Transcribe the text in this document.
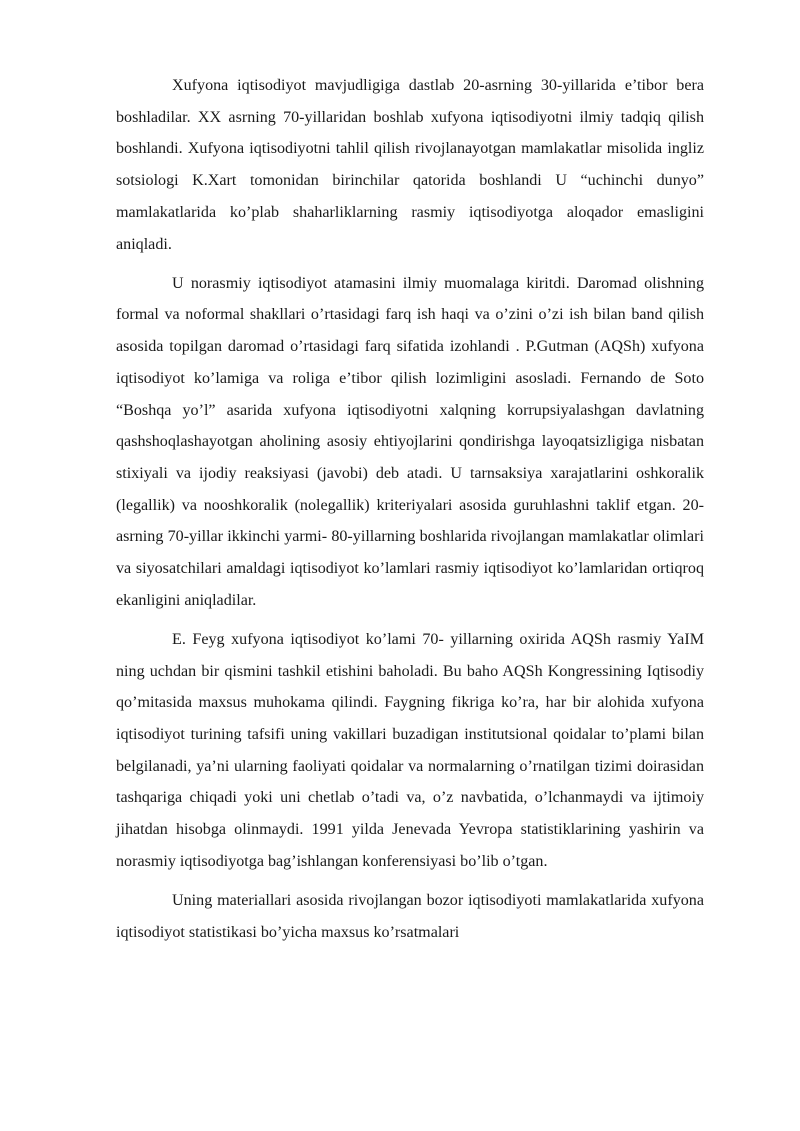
Xufyona iqtisodiyot mavjudligiga dastlab 20-asrning 30-yillarida e’tibor bera boshladilar. XX asrning 70-yillaridan boshlab xufyona iqtisodiyotni ilmiy tadqiq qilish boshlandi. Xufyona iqtisodiyotni tahlil qilish rivojlanayotgan mamlakatlar misolida ingliz sotsiologi K.Xart tomonidan birinchilar qatorida boshlandi U “uchinchi dunyo” mamlakatlarida ko’plab shaharliklarning rasmiy iqtisodiyotga aloqador emasligini aniqladi.

U norasmiy iqtisodiyot atamasini ilmiy muomalaga kiritdi. Daromad olishning formal va noformal shakllari o’rtasidagi farq ish haqi va o’zini o’zi ish bilan band qilish asosida topilgan daromad o’rtasidagi farq sifatida izohlandi . P.Gutman (AQSh) xufyona iqtisodiyot ko’lamiga va roliga e’tibor qilish lozimligini asosladi. Fernando de Soto “Boshqa yo’l” asarida xufyona iqtisodiyotni xalqning korrupsiyalashgan davlatning qashshoqlashayotgan aholining asosiy ehtiyojlarini qondirishga layoqatsizligiga nisbatan stixiyali va ijodiy reaksiyasi (javobi) deb atadi. U tarnsaksiya xarajatlarini oshkoralik (legallik) va nooshkoralik (nolegallik) kriteriyalari asosida guruhlashni taklif etgan. 20-asrning 70-yillar ikkinchi yarmi- 80-yillarning boshlarida rivojlangan mamlakatlar olimlari va siyosatchilari amaldagi iqtisodiyot ko’lamlari rasmiy iqtisodiyot ko’lamlaridan ortiqroq ekanligini aniqladilar.

E. Feyg xufyona iqtisodiyot ko’lami 70- yillarning oxirida AQSh rasmiy YaIM ning uchdan bir qismini tashkil etishini baholadi. Bu baho AQSh Kongressining Iqtisodiy qo’mitasida maxsus muhokama qilindi. Faygning fikriga ko’ra, har bir alohida xufyona iqtisodiyot turining tafsifi uning vakillari buzadigan institutsional qoidalar to’plami bilan belgilanadi, ya’ni ularning faoliyati qoidalar va normalarning o’rnatilgan tizimi doirasidan tashqariga chiqadi yoki uni chetlab o’tadi va, o’z navbatida, o’lchanmaydi va ijtimoiy jihatdan hisobga olinmaydi. 1991 yilda Jenevada Yevropa statistiklarining yashirin va norasmiy iqtisodiyotga bag’ishlangan konferensiyasi bo’lib o’tgan.

Uning materiallari asosida rivojlangan bozor iqtisodiyoti mamlakatlarida xufyona iqtisodiyot statistikasi bo’yicha maxsus ko’rsatmalari
